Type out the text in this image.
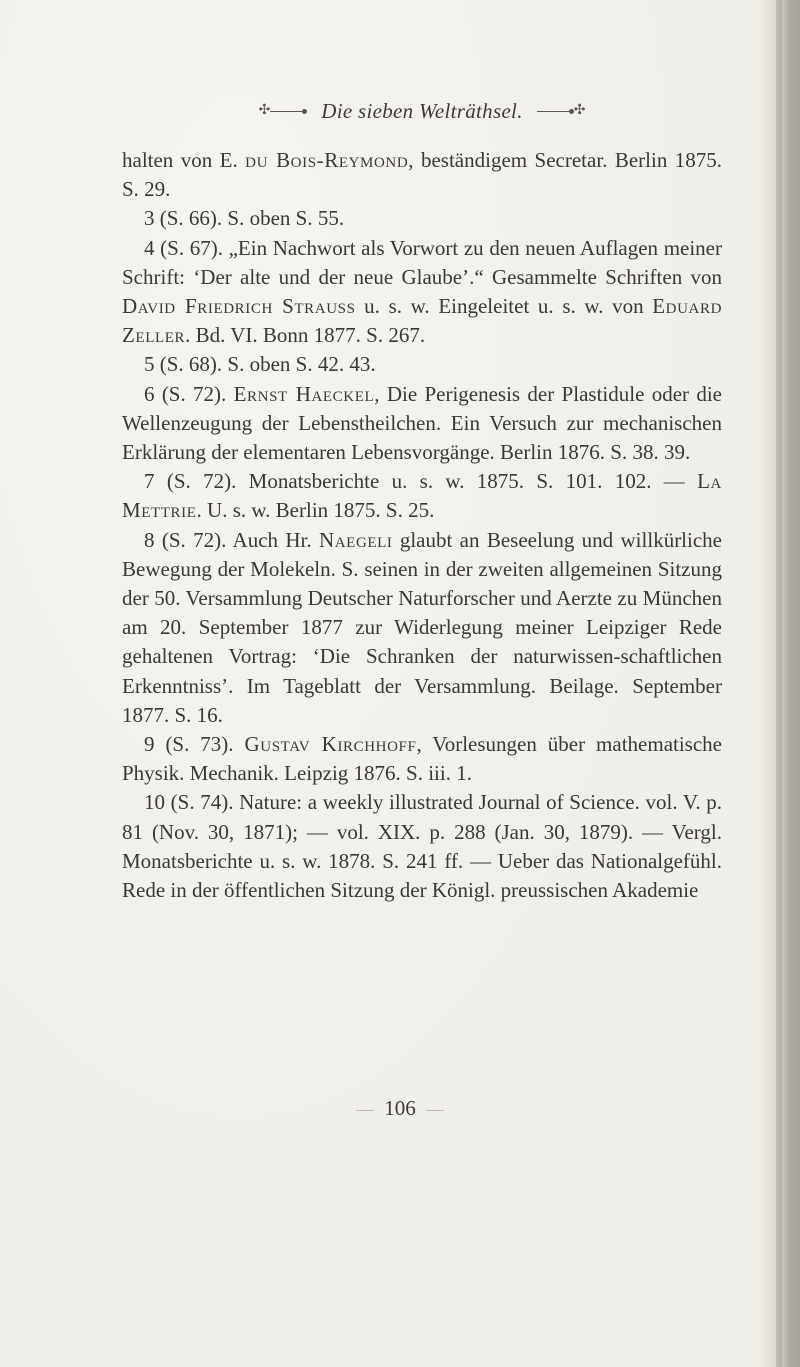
✣ Die sieben Welträthsel.	✣

halten von E. du Bois-Reymond, beständigem Secretar. Berlin 1875. S. 29.

3 (S. 66). S. oben S. 55.

4 (S. 67). „Ein Nachwort als Vorwort zu den neuen Auflagen meiner Schrift: ‘Der alte und der neue Glaube’.“ Gesammelte Schriften von David Friedrich Strauss u. s. w. Eingeleitet u. s. w. von Eduard Zeller. Bd. VI. Bonn 1877. S. 267.

5 (S. 68). S. oben S. 42. 43.

6 (S. 72). Ernst Haeckel, Die Perigenesis der Plastidule oder die Wellenzeugung der Lebenstheilchen. Ein Versuch zur mechanischen Erklärung der elementaren Lebensvorgänge. Berlin 1876. S. 38. 39.

7 (S. 72). Monatsberichte u. s. w. 1875. S. 101. 102. — La Mettrie. U. s. w. Berlin 1875. S. 25.

8 (S. 72). Auch Hr. Naegeli glaubt an Beseelung und willkürliche Bewegung der Molekeln. S. seinen in der zweiten allgemeinen Sitzung der 50. Versammlung Deutscher Naturforscher und Aerzte zu München am 20. September 1877 zur Widerlegung meiner Leipziger Rede gehaltenen Vortrag: ‘Die Schranken der naturwissen-schaftlichen Erkenntniss’. Im Tageblatt der Versammlung. Beilage. September 1877. S. 16.

9 (S. 73). Gustav Kirchhoff, Vorlesungen über mathematische Physik. Mechanik. Leipzig 1876. S. iii. 1.

10 (S. 74). Nature: a weekly illustrated Journal of Science. vol. V. p. 81 (Nov. 30, 1871); — vol. XIX. p. 288 (Jan. 30, 1879). — Vergl. Monatsberichte u. s. w. 1878. S. 241 ff. — Ueber das Nationalgefühl. Rede in der öffentlichen Sitzung der Königl. preussischen Akademie

106
